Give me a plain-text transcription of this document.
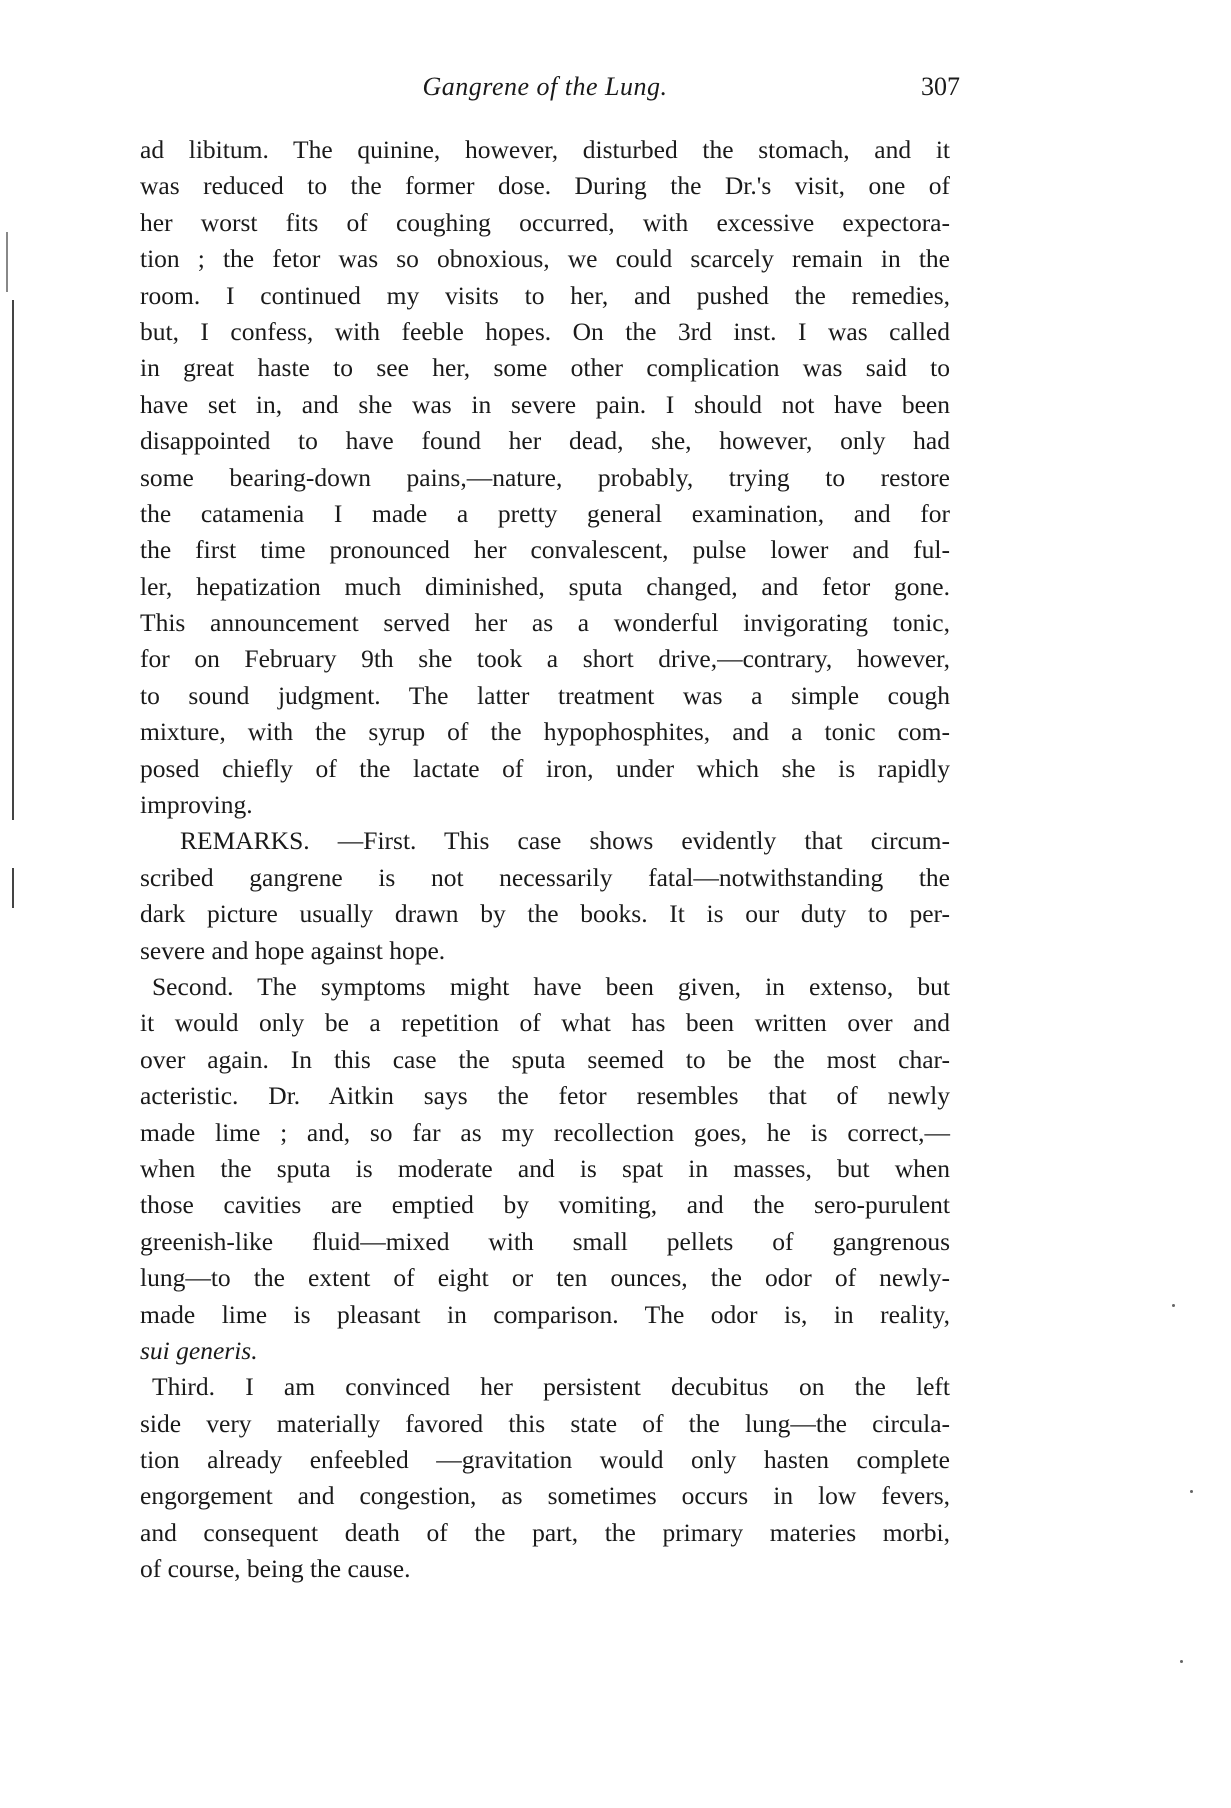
Gangrene of the Lung.	307
ad libitum. The quinine, however, disturbed the stomach, and it
was reduced to the former dose. During the Dr.'s visit, one of
her worst fits of coughing occurred, with excessive expectora-
tion ; the fetor was so obnoxious, we could scarcely remain in the
room. I continued my visits to her, and pushed the remedies,
but, I confess, with feeble hopes. On the 3rd inst. I was called
in great haste to see her, some other complication was said to
have set in, and she was in severe pain. I should not have been
disappointed to have found her dead, she, however, only had
some bearing-down pains,—nature, probably, trying to restore
the catamenia I made a pretty general examination, and for
the first time pronounced her convalescent, pulse lower and ful-
ler, hepatization much diminished, sputa changed, and fetor gone.
This announcement served her as a wonderful invigorating tonic,
for on February 9th she took a short drive,—contrary, however,
to sound judgment. The latter treatment was a simple cough
mixture, with the syrup of the hypophosphites, and a tonic com-
posed chiefly of the lactate of iron, under which she is rapidly
improving.
REMARKS. —First. This case shows evidently that circum-
scribed gangrene is not necessarily fatal—notwithstanding the
dark picture usually drawn by the books. It is our duty to per-
severe and hope against hope.
Second. The symptoms might have been given, in extenso, but
it would only be a repetition of what has been written over and
over again. In this case the sputa seemed to be the most char-
acteristic. Dr. Aitkin says the fetor resembles that of newly
made lime ; and, so far as my recollection goes, he is correct,—
when the sputa is moderate and is spat in masses, but when
those cavities are emptied by vomiting, and the sero-purulent
greenish-like fluid—mixed with small pellets of gangrenous
lung—to the extent of eight or ten ounces, the odor of newly-
made lime is pleasant in comparison. The odor is, in reality,
sui generis.
Third. I am convinced her persistent decubitus on the left
side very materially favored this state of the lung—the circula-
tion already enfeebled —gravitation would only hasten complete
engorgement and congestion, as sometimes occurs in low fevers,
and consequent death of the part, the primary materies morbi,
of course, being the cause.
